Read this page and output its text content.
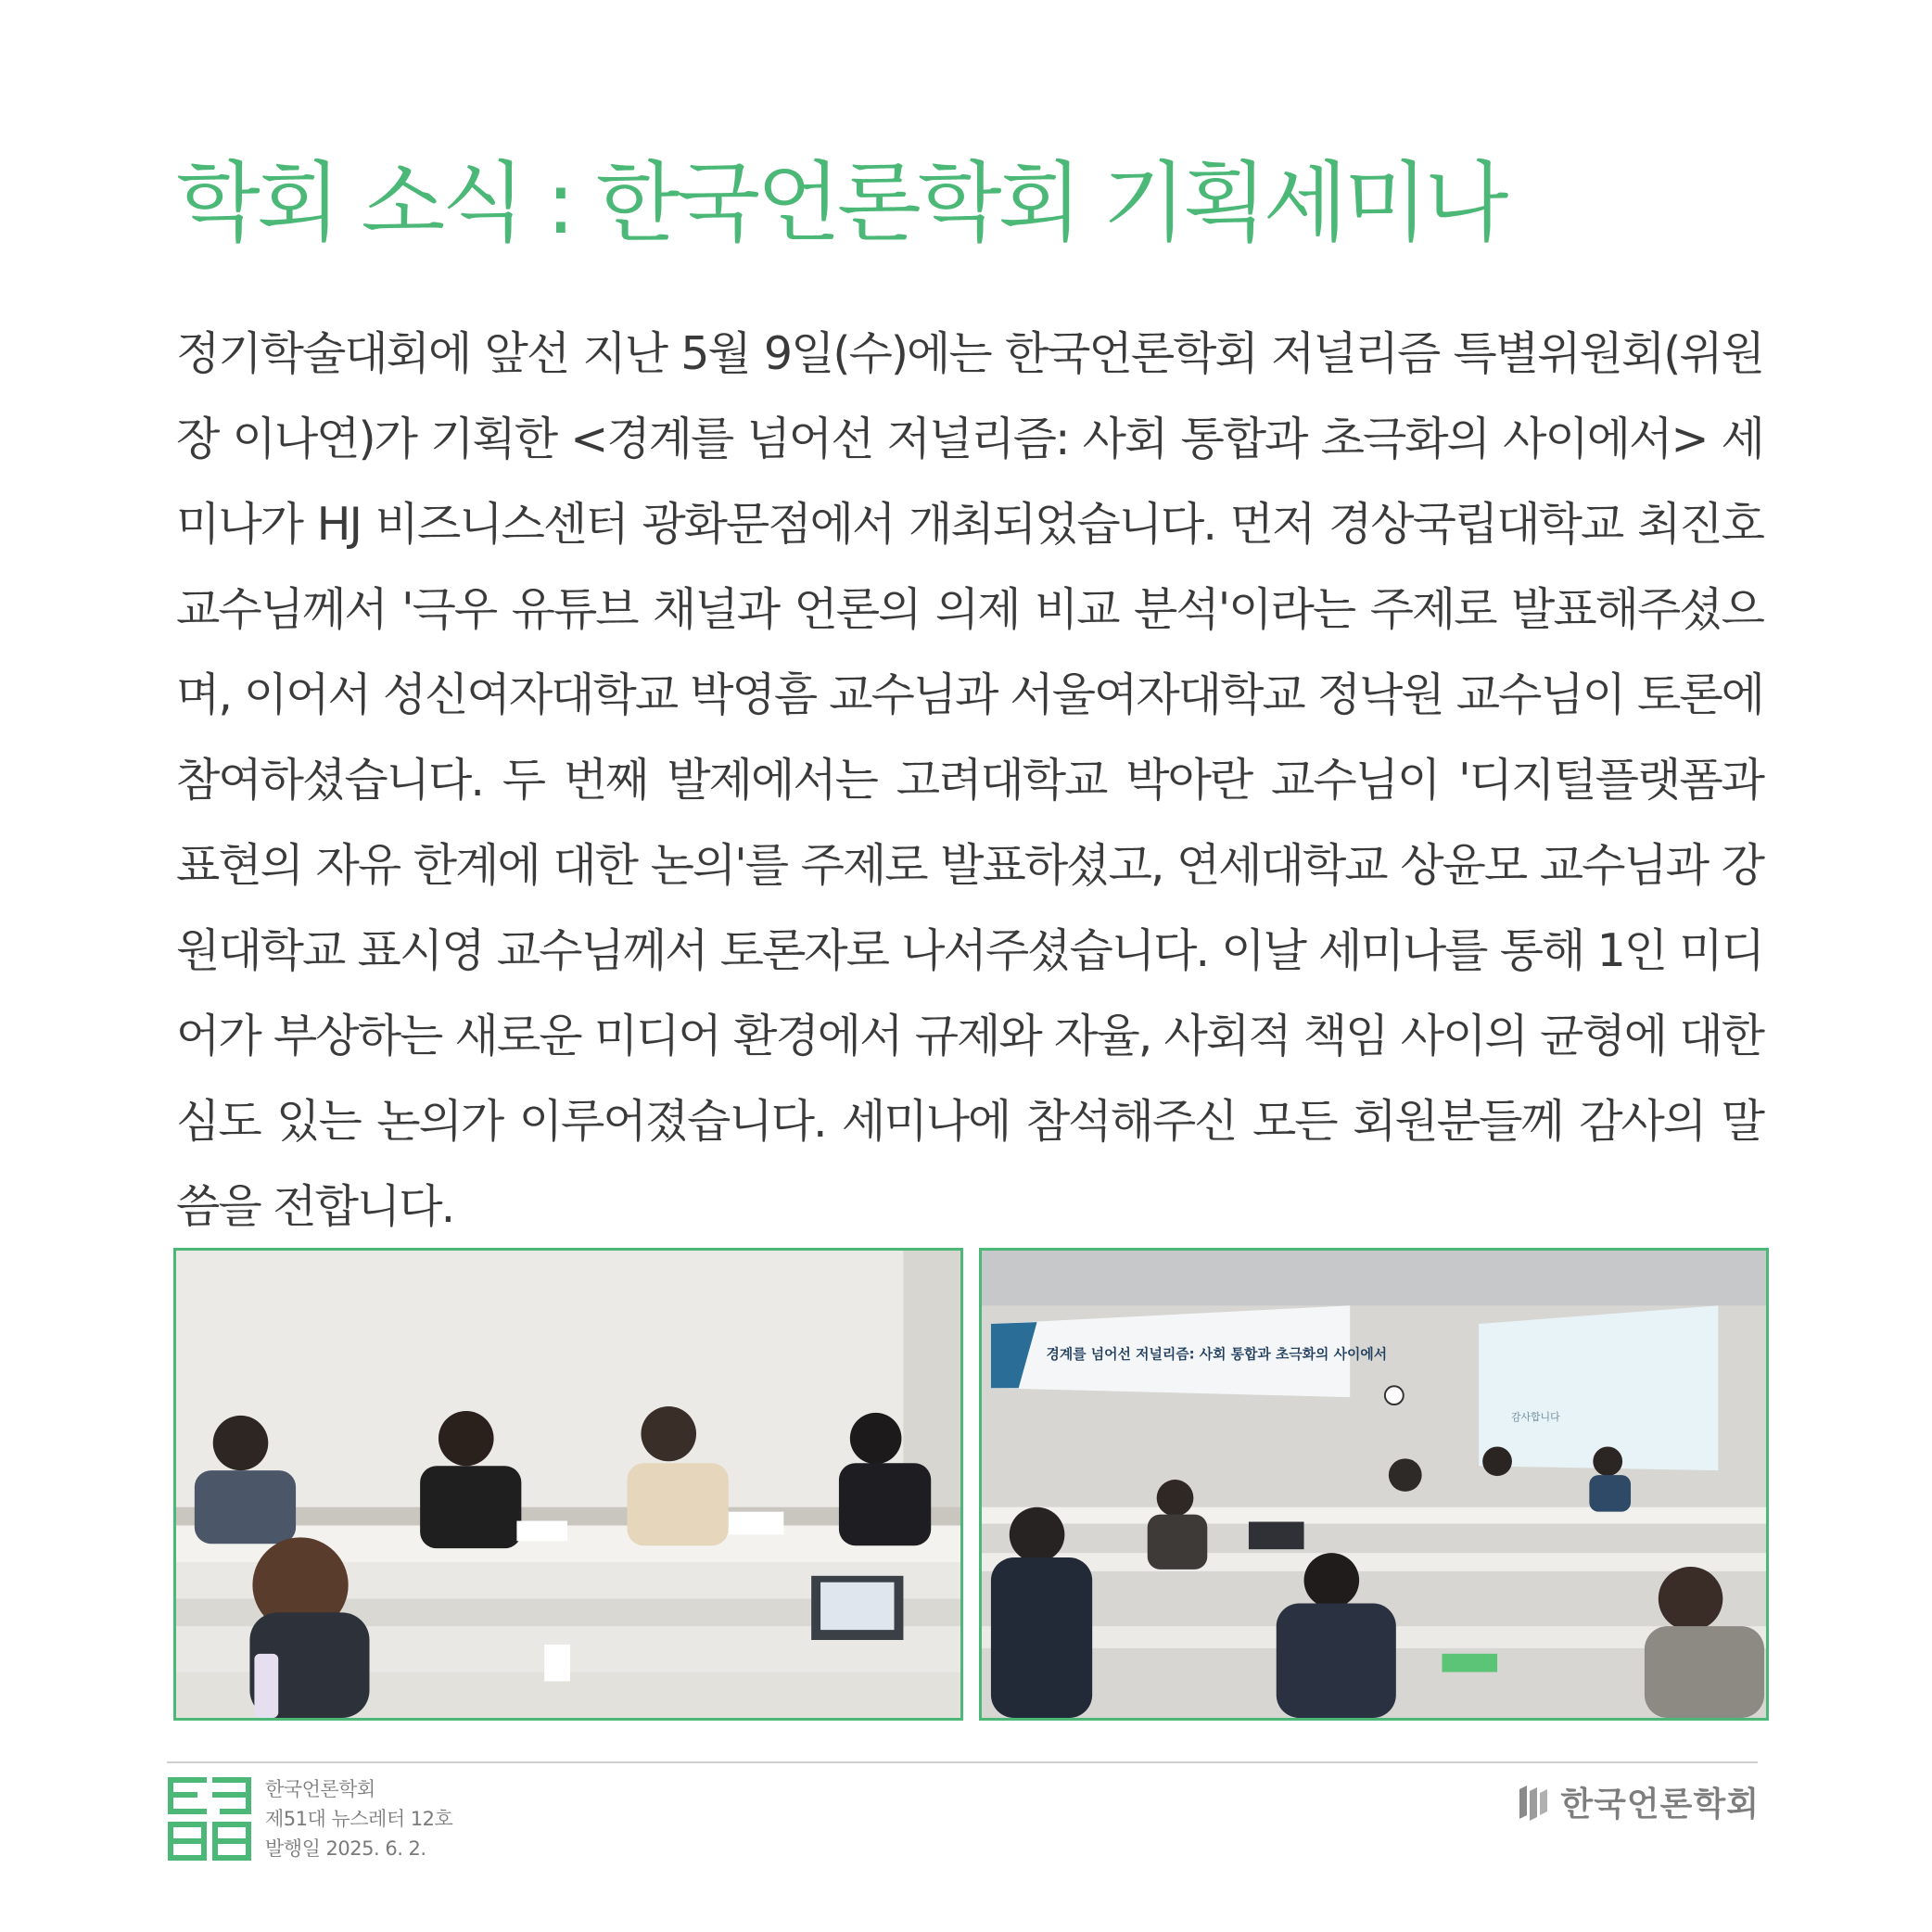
학회 소식 : 한국언론학회 기획세미나

정기학술대회에 앞선 지난 5월 9일(수)에는 한국언론학회 저널리즘 특별위원회(위원장 이나연)가 기획한 <경계를 넘어선 저널리즘: 사회 통합과 초극화의 사이에서> 세미나가 HJ 비즈니스센터 광화문점에서 개최되었습니다. 먼저 경상국립대학교 최진호 교수님께서 '극우 유튜브 채널과 언론의 의제 비교 분석'이라는 주제로 발표해주셨으며, 이어서 성신여자대학교 박영흠 교수님과 서울여자대학교 정낙원 교수님이 토론에 참여하셨습니다. 두 번째 발제에서는 고려대학교 박아란 교수님이 '디지털플랫폼과 표현의 자유 한계에 대한 논의'를 주제로 발표하셨고, 연세대학교 상윤모 교수님과 강원대학교 표시영 교수님께서 토론자로 나서주셨습니다. 이날 세미나를 통해 1인 미디어가 부상하는 새로운 미디어 환경에서 규제와 자율, 사회적 책임 사이의 균형에 대한 심도 있는 논의가 이루어졌습니다. 세미나에 참석해주신 모든 회원분들께 감사의 말씀을 전합니다.

경계를 넘어선 저널리즘: 사회 통합과 초극화의 사이에서
감사합니다
한국언론학회
제51대 뉴스레터 12호
발행일 2025. 6. 2.
한국언론학회
